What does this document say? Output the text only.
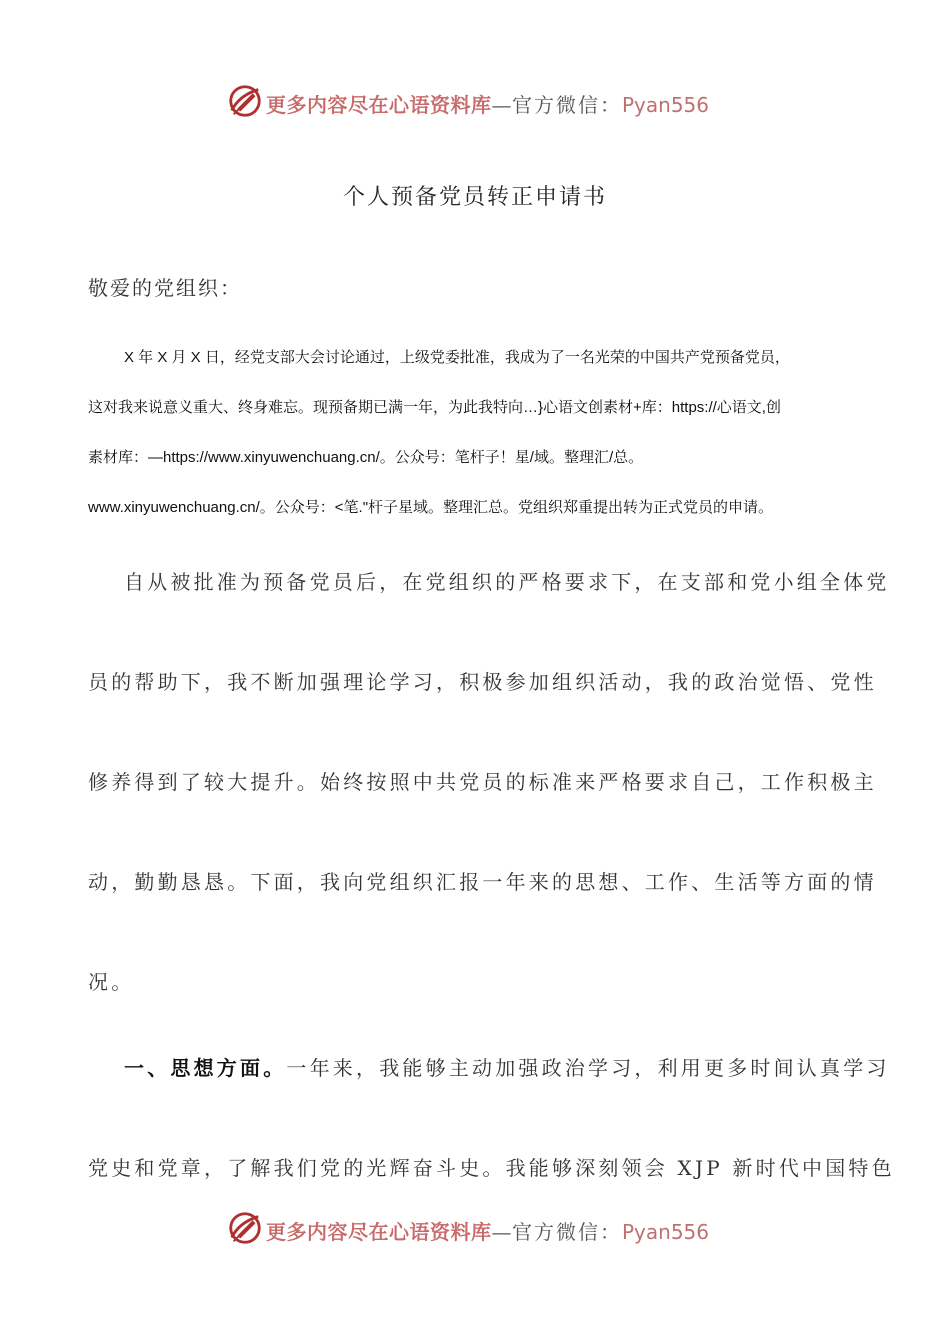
更多内容尽在心语资料库—官方微信：Pyan556
个人预备党员转正申请书
敬爱的党组织：
X 年 X 月 X 日，经党支部大会讨论通过，上级党委批准，我成为了一名光荣的中国共产党预备党员，
这对我来说意义重大、终身难忘。现预备期已满一年，为此我特向…}心语文创素材+库：https://心语文,创
素材库：—https://www.xinyuwenchuang.cn/。公众号：笔杆子！星/域。整理汇/总。
www.xinyuwenchuang.cn/。公众号：<笔."杆子星域。整理汇总。党组织郑重提出转为正式党员的申请。
自从被批准为预备党员后，在党组织的严格要求下，在支部和党小组全体党
员的帮助下，我不断加强理论学习，积极参加组织活动，我的政治觉悟、党性
修养得到了较大提升。始终按照中共党员的标准来严格要求自己，工作积极主
动，勤勤恳恳。下面，我向党组织汇报一年来的思想、工作、生活等方面的情
况。
一、思想方面。一年来，我能够主动加强政治学习，利用更多时间认真学习
党史和党章，了解我们党的光辉奋斗史。我能够深刻领会 XJP 新时代中国特色
更多内容尽在心语资料库—官方微信：Pyan556
